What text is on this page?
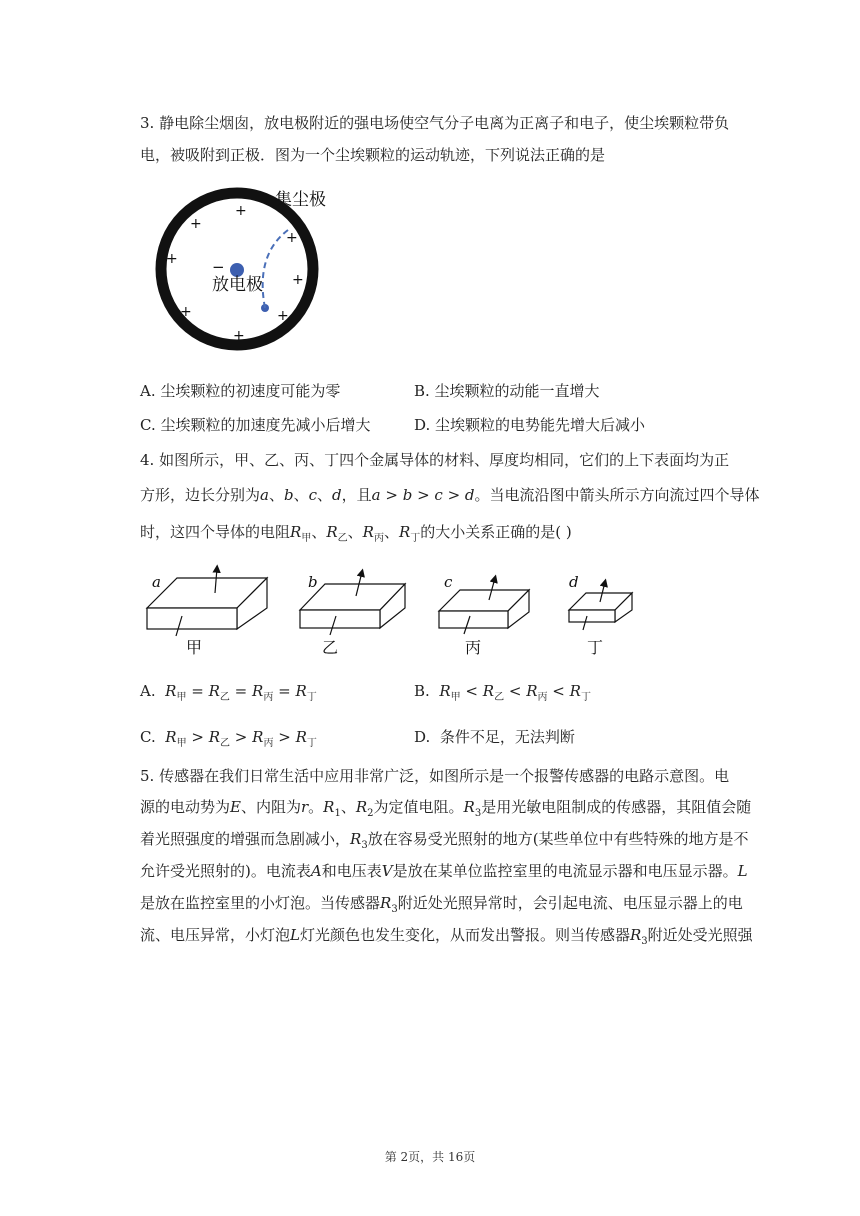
3. 静电除尘烟囱，放电极附近的强电场使空气分子电离为正离子和电子，使尘埃颗粒带负
电，被吸附到正极．图为一个尘埃颗粒的运动轨迹，下列说法正确的是
集尘极
放电极
−
+
+
+
+
+
+	+
+
A. 尘埃颗粒的初速度可能为零	B. 尘埃颗粒的动能一直增大
C. 尘埃颗粒的加速度先减小后增大	D. 尘埃颗粒的电势能先增大后减小
4. 如图所示，甲、乙、丙、丁四个金属导体的材料、厚度均相同，它们的上下表面均为正
方形，边长分别为a、b、c、d，且a > b > c > d。当电流沿图中箭头所示方向流过四个导体
时，这四个导体的电阻$R_甲$、$R_乙$、$R_丙$、$R_丁$的大小关系正确的是( )
a	b	c	d
甲	乙	丙	丁
A. $R_甲 = R_乙 = R_丙 = R_丁$	B. $R_甲 < R_乙 < R_丙 < R_丁$
C. $R_甲 > R_乙 > R_丙 > R_丁$	D. 条件不足，无法判断
5. 传感器在我们日常生活中应用非常广泛，如图所示是一个报警传感器的电路示意图。电
源的电动势为E、内阻为r。$R_1$、$R_2$为定值电阻。$R_3$是用光敏电阻制成的传感器，其阻值会随
着光照强度的增强而急剧减小，$R_3$放在容易受光照射的地方(某些单位中有些特殊的地方是不
允许受光照射的)。电流表A和电压表V是放在某单位监控室里的电流显示器和电压显示器。L
是放在监控室里的小灯泡。当传感器$R_3$附近处光照异常时，会引起电流、电压显示器上的电
流、电压异常，小灯泡L灯光颜色也发生变化，从而发出警报。则当传感器$R_3$附近处受光照强
第 2页，共 16页
